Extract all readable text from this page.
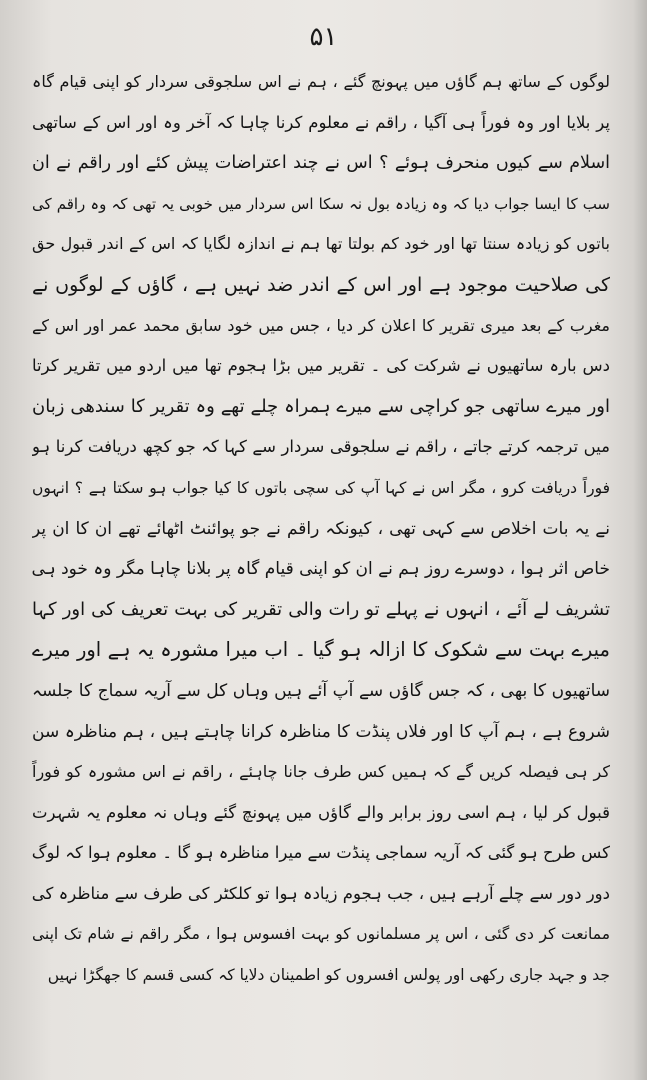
۵۱
لوگوں کے ساتھ ہم گاؤں میں پہونچ گئے ، ہم نے اس سلجوقی سردار کو اپنی قیام گاہ
پر بلایا اور وہ فوراً ہی آگیا ، راقم نے معلوم کرنا چاہا کہ آخر وہ اور اس کے ساتھی
اسلام سے کیوں منحرف ہوئے ؟ اس نے چند اعتراضات پیش کئے اور راقم نے ان
سب کا ایسا جواب دیا کہ وہ زیادہ بول نہ سکا اس سردار میں خوبی یہ تھی کہ وہ راقم کی
باتوں کو زیادہ سنتا تھا اور خود کم بولتا تھا ہم نے اندازہ لگایا کہ اس کے اندر قبول حق
کی صلاحیت موجود ہے اور اس کے اندر ضد نہیں ہے ، گاؤں کے لوگوں نے
مغرب کے بعد میری تقریر کا اعلان کر دیا ، جس میں خود سابق محمد عمر اور اس کے
دس بارہ ساتھیوں نے شرکت کی ۔ تقریر میں بڑا ہجوم تھا میں اردو میں تقریر کرتا
اور میرے ساتھی جو کراچی سے میرے ہمراہ چلے تھے وہ تقریر کا سندھی زبان
میں ترجمہ کرتے جاتے ، راقم نے سلجوقی سردار سے کہا کہ جو کچھ دریافت کرنا ہو
فوراً دریافت کرو ، مگر اس نے کہا آپ کی سچی باتوں کا کیا جواب ہو سکتا ہے ؟ انہوں
نے یہ بات اخلاص سے کہی تھی ، کیونکہ راقم نے جو پوائنٹ اٹھائے تھے ان کا ان پر
خاص اثر ہوا ، دوسرے روز ہم نے ان کو اپنی قیام گاہ پر بلانا چاہا مگر وہ خود ہی
تشریف لے آئے ، انہوں نے پہلے تو رات والی تقریر کی بہت تعریف کی اور کہا
میرے بہت سے شکوک کا ازالہ ہو گیا ۔ اب میرا مشورہ یہ ہے اور میرے
ساتھیوں کا بھی ، کہ جس گاؤں سے آپ آئے ہیں وہاں کل سے آریہ سماج کا جلسہ
شروع ہے ، ہم آپ کا اور فلاں پنڈت کا مناظرہ کرانا چاہتے ہیں ، ہم مناظرہ سن
کر ہی فیصلہ کریں گے کہ ہمیں کس طرف جانا چاہئے ، راقم نے اس مشورہ کو فوراً
قبول کر لیا ، ہم اسی روز برابر والے گاؤں میں پہونچ گئے وہاں نہ معلوم یہ شہرت
کس طرح ہو گئی کہ آریہ سماجی پنڈت سے میرا مناظرہ ہو گا ۔ معلوم ہوا کہ لوگ
دور دور سے چلے آرہے ہیں ، جب ہجوم زیادہ ہوا تو کلکٹر کی طرف سے مناظرہ کی
ممانعت کر دی گئی ، اس پر مسلمانوں کو بہت افسوس ہوا ، مگر راقم نے شام تک اپنی
جد و جہد جاری رکھی اور پولس افسروں کو اطمینان دلایا کہ کسی قسم کا جھگڑا نہیں
